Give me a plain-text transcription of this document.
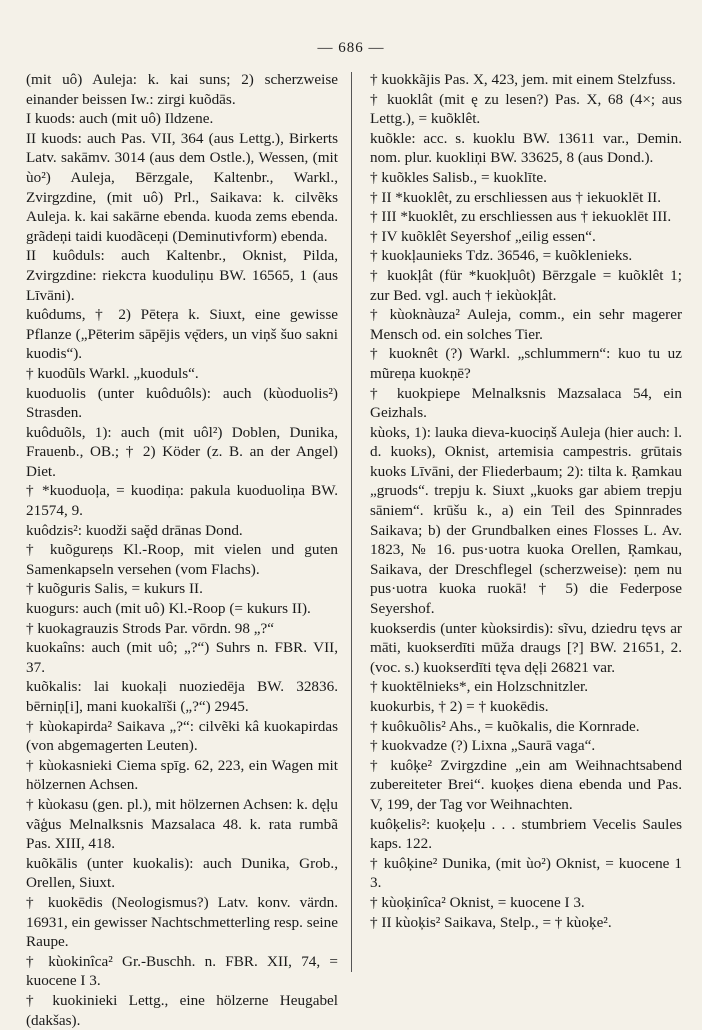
— 686 —

(mit uô) Auleja: k. kai suns; 2) scherzweise einander beissen Iw.: zirgi kuõdās.

I kuods: auch (mit uô) Ildzene.

II kuods: auch Pas. VII, 364 (aus Lettg.), Birkerts Latv. sakāmv. 3014 (aus dem Ostle.), Wessen, (mit ùo²) Auleja, Bērzgale, Kaltenbr., Warkl., Zvirgzdine, (mit uô) Prl., Saikava: k. cilvẽks Auleja. k. kai sakārne ebenda. kuoda zems ebenda. grãdeņi taidi kuodãceņi (Deminutivform) ebenda.

II kuôduls: auch Kaltenbr., Oknist, Pilda, Zvirgzdine: riekста kuoduliņu BW. 16565, 1 (aus Līvāni).

kuôdums, † 2) Pēteŗa k. Siuxt, eine gewisse Pflanze („Pēterim sāpējis vę̄ders, un viņš šuo sakni kuodis“).

† kuodũls Warkl. „kuoduls“.

kuoduolis (unter kuôduôls): auch (kùoduolis²) Strasden.

kuôduõls, 1): auch (mit uôl²) Doblen, Dunika, Frauenb., OB.; † 2) Köder (z. B. an der Angel) Diet.

† *kuoduoļa, = kuodiņa: pakula kuoduoliņa BW. 21574, 9.

kuôdzis²: kuodži saḝd drānas Dond.

† kuõgureņs Kl.-Roop, mit vielen und guten Samenkapseln versehen (vom Flachs).

† kuõguris Salis, = kukurs II.

kuogurs: auch (mit uô) Kl.-Roop (= kukurs II).

† kuokagrauzis Strods Par. vōrdn. 98 „?“

kuokaîns: auch (mit uô; „?“) Suhrs n. FBR. VII, 37.

kuõkalis: lai kuokaļi nuoziedēja BW. 32836. bērniņ[i], mani kuokalīši („?“) 2945.

† kùokapirda² Saikava „?“: cilvẽki kâ kuokapirdas (von abgemagerten Leuten).

† kùokasnieki Ciema spīg. 62, 223, ein Wagen mit hölzernen Achsen.

† kùokasu (gen. pl.), mit hölzernen Achsen: k. dęļu vãģus Melnalksnis Mazsalaca 48. k. rata rumbã Pas. XIII, 418.

kuõkālis (unter kuokalis): auch Dunika, Grob., Orellen, Siuxt.

† kuokēdis (Neologismus?) Latv. konv. värdn. 16931, ein gewisser Nachtschmetterling resp. seine Raupe.

† kùokinîca² Gr.-Buschh. n. FBR. XII, 74, = kuocene I 3.

† kuokinieki Lettg., eine hölzerne Heugabel (dakšas).

† kuokkãjis Pas. X, 423, jem. mit einem Stelzfuss.

† kuoklât (mit ę zu lesen?) Pas. X, 68 (4×; aus Lettg.), = kuõklêt.

kuõkle: acc. s. kuoklu BW. 13611 var., Demin. nom. plur. kuokliņi BW. 33625, 8 (aus Dond.).

† kuõkles Salisb., = kuoklīte.

† II *kuoklêt, zu erschliessen aus † iekuoklēt II.

† III *kuoklêt, zu erschliessen aus † iekuoklēt III.

† IV kuõklêt Seyershof „eilig essen“.

† kuokļaunieks Tdz. 36546, = kuõklenieks.

† kuokļât (für *kuokļuôt) Bērzgale = kuõklêt 1; zur Bed. vgl. auch † iekùokļât.

† kùoknàuza² Auleja, comm., ein sehr magerer Mensch od. ein solches Tier.

† kuoknêt (?) Warkl. „schlummern“: kuo tu uz mũreņa kuokņē?

† kuokpiepe Melnalksnis Mazsalaca 54, ein Geizhals.

kùoks, 1): lauka dieva-kuociņš Auleja (hier auch: l. d. kuoks), Oknist, artemisia campestris. grūtais kuoks Līvāni, der Fliederbaum; 2): tilta k. Ŗamkau „gruods“. trepju k. Siuxt „kuoks gar abiem trepju sāniem“. krūšu k., a) ein Teil des Spinnrades Saikava; b) der Grundbalken eines Flosses L. Av. 1823, № 16. pus·uotra kuoka Orellen, Ŗamkau, Saikava, der Dreschflegel (scherzweise): ņem nu pus·uotra kuoka ruokā! † 5) die Federpose Seyershof.

kuokserdis (unter kùoksirdis): sĩvu, dziedru tęvs ar māti, kuokserdīti mūža draugs [?] BW. 21651, 2. (voc. s.) kuokserdīti tęva dęļi 26821 var.

† kuoktēlnieks*, ein Holzschnitzler.

kuokurbis, † 2) = † kuokēdis.

† kuôkuõlis² Ahs., = kuõkalis, die Kornrade.

† kuokvadze (?) Lixna „Saurā vaga“.

† kuôķe² Zvirgzdine „ein am Weihnachtsabend zubereiteter Brei“. kuoķes diena ebenda und Pas. V, 199, der Tag vor Weihnachten.

kuôķelis²: kuoķeļu . . . stumbriem Vecelis Saules kaps. 122.

† kuôķine² Dunika, (mit ùo²) Oknist, = kuocene 1 3.

† kùoķinîca² Oknist, = kuocene I 3.

† II kùoķis² Saikava, Stelp., = † kùoķe².
